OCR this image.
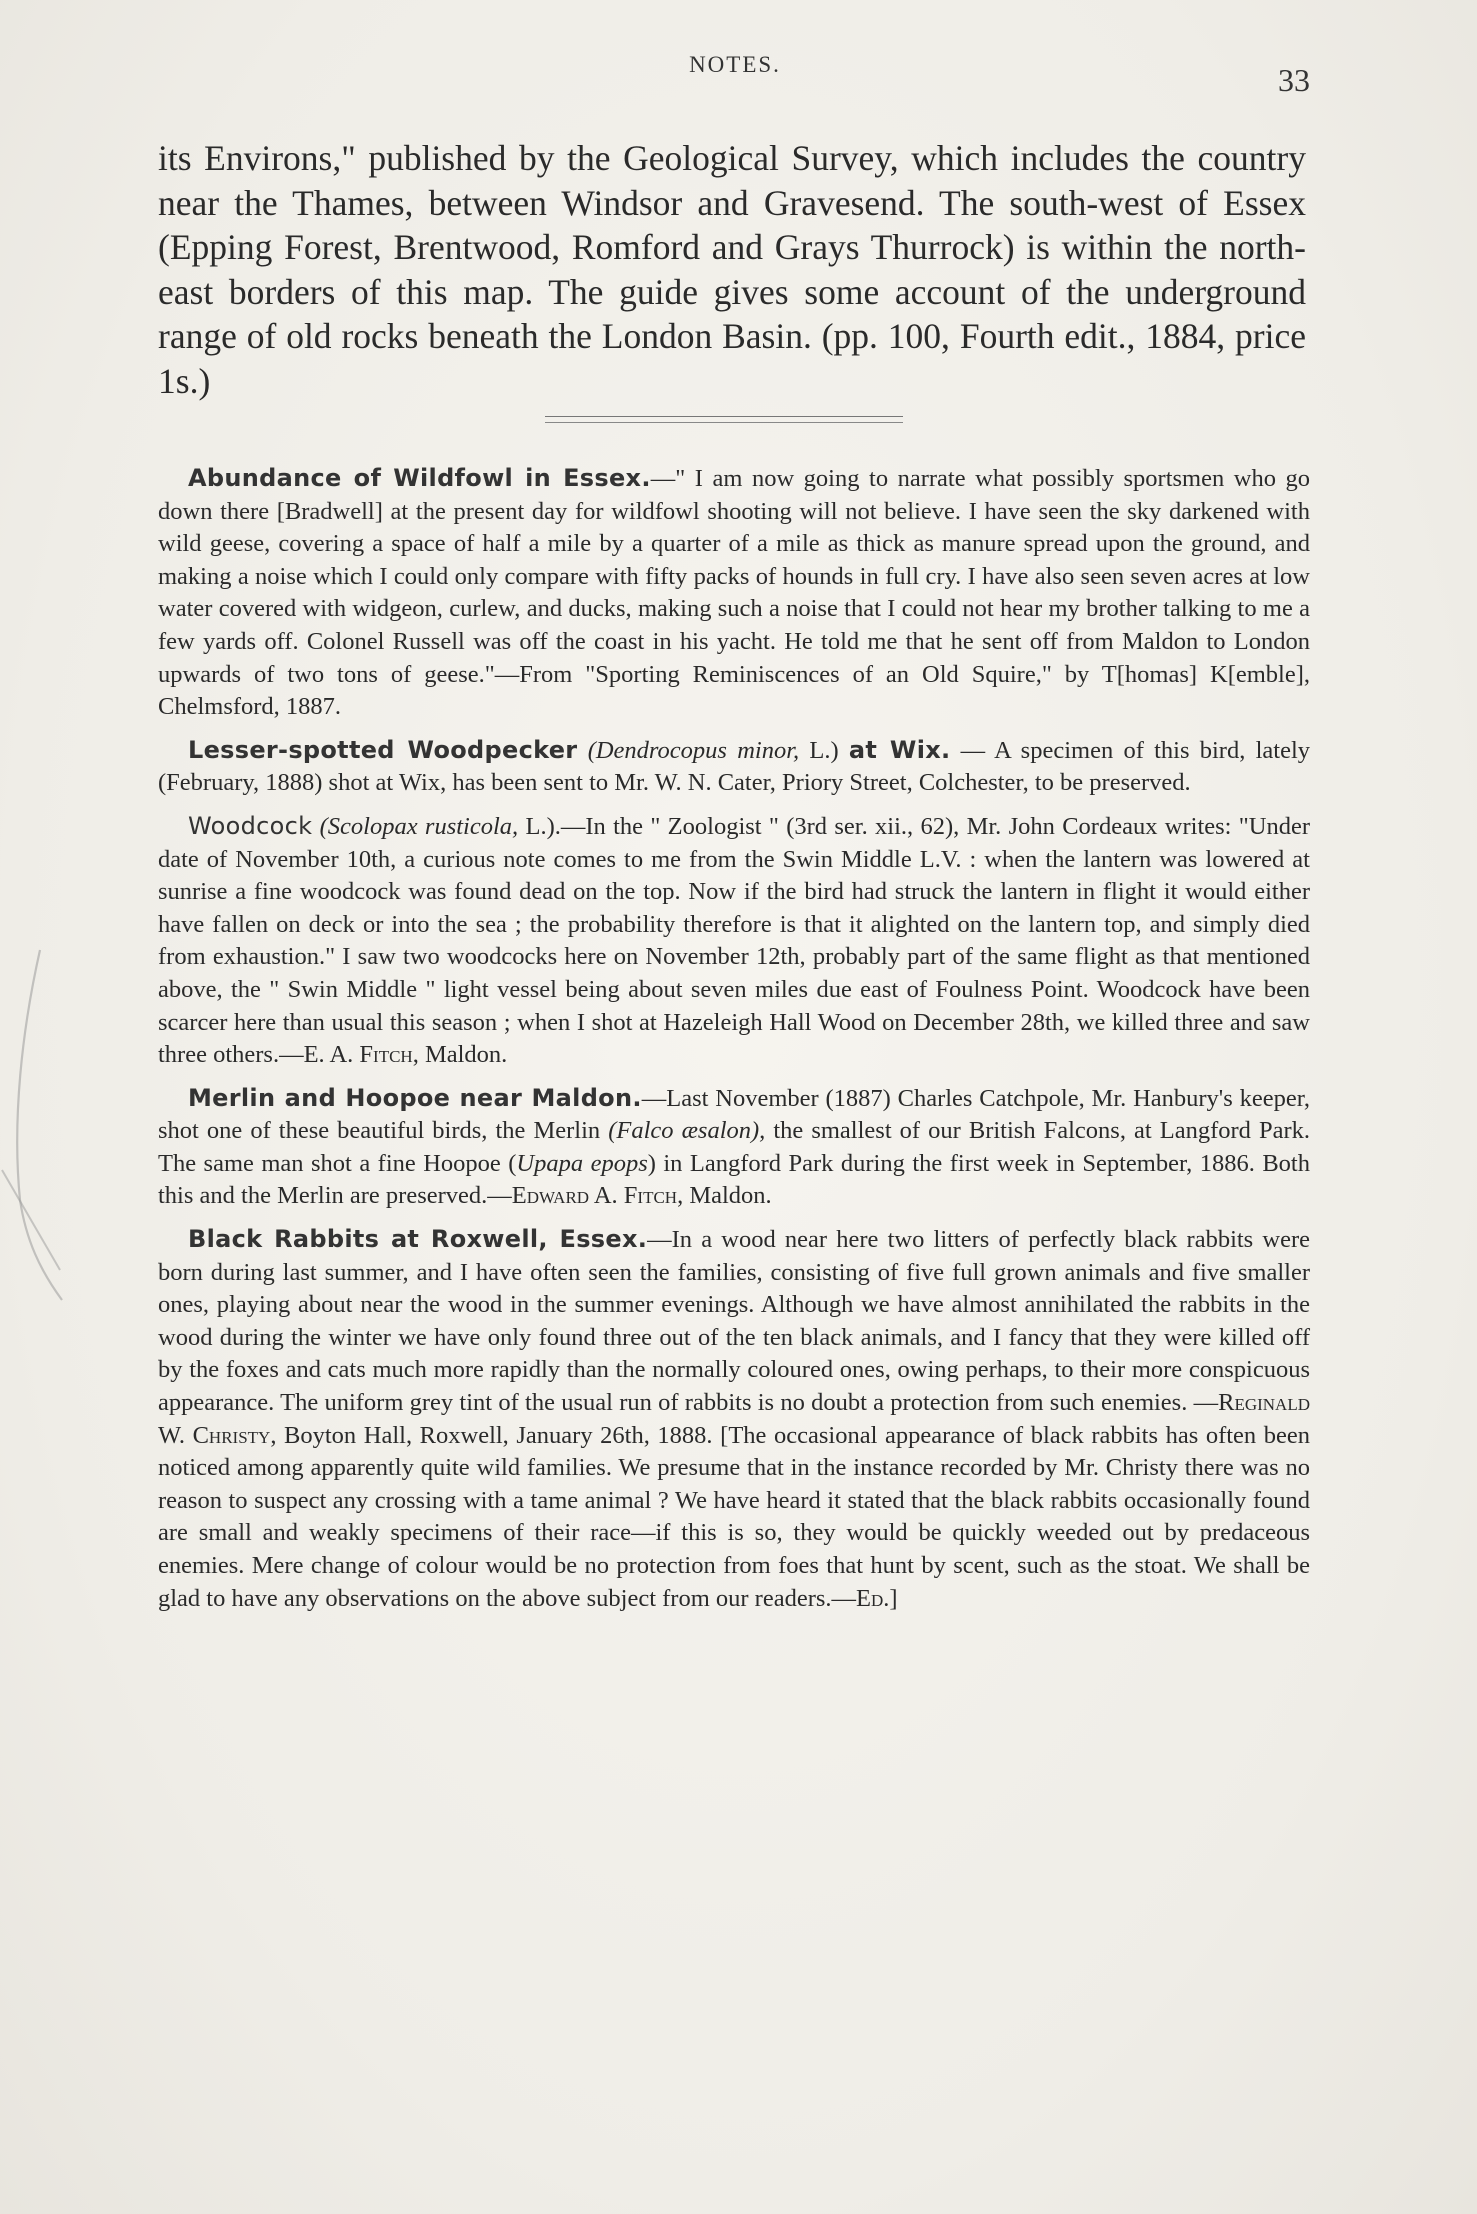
NOTES.	33
its Environs," published by the Geological Survey, which includes the country near the Thames, between Windsor and Gravesend. The south-west of Essex (Epping Forest, Brentwood, Romford and Grays Thurrock) is within the north-east borders of this map. The guide gives some account of the underground range of old rocks beneath the London Basin. (pp. 100, Fourth edit., 1884, price 1s.)

Abundance of Wildfowl in Essex.—" I am now going to narrate what possibly sportsmen who go down there [Bradwell] at the present day for wildfowl shooting will not believe. I have seen the sky darkened with wild geese, covering a space of half a mile by a quarter of a mile as thick as manure spread upon the ground, and making a noise which I could only compare with fifty packs of hounds in full cry. I have also seen seven acres at low water covered with widgeon, curlew, and ducks, making such a noise that I could not hear my brother talking to me a few yards off. Colonel Russell was off the coast in his yacht. He told me that he sent off from Maldon to London upwards of two tons of geese."—From "Sporting Reminiscences of an Old Squire," by T[homas] K[emble], Chelmsford, 1887.

Lesser-spotted Woodpecker (Dendrocopus minor, L.) at Wix. — A specimen of this bird, lately (February, 1888) shot at Wix, has been sent to Mr. W. N. Cater, Priory Street, Colchester, to be preserved.

Woodcock (Scolopax rusticola, L.).—In the " Zoologist " (3rd ser. xii., 62), Mr. John Cordeaux writes: "Under date of November 10th, a curious note comes to me from the Swin Middle L.V. : when the lantern was lowered at sunrise a fine woodcock was found dead on the top. Now if the bird had struck the lantern in flight it would either have fallen on deck or into the sea ; the probability therefore is that it alighted on the lantern top, and simply died from exhaustion." I saw two woodcocks here on November 12th, probably part of the same flight as that mentioned above, the " Swin Middle " light vessel being about seven miles due east of Foulness Point. Woodcock have been scarcer here than usual this season ; when I shot at Hazeleigh Hall Wood on December 28th, we killed three and saw three others.—E. A. Fitch, Maldon.

Merlin and Hoopoe near Maldon.—Last November (1887) Charles Catchpole, Mr. Hanbury's keeper, shot one of these beautiful birds, the Merlin (Falco æsalon), the smallest of our British Falcons, at Langford Park. The same man shot a fine Hoopoe (Upapa epops) in Langford Park during the first week in September, 1886. Both this and the Merlin are preserved.—Edward A. Fitch, Maldon.

Black Rabbits at Roxwell, Essex.—In a wood near here two litters of perfectly black rabbits were born during last summer, and I have often seen the families, consisting of five full grown animals and five smaller ones, playing about near the wood in the summer evenings. Although we have almost annihilated the rabbits in the wood during the winter we have only found three out of the ten black animals, and I fancy that they were killed off by the foxes and cats much more rapidly than the normally coloured ones, owing perhaps, to their more conspicuous appearance. The uniform grey tint of the usual run of rabbits is no doubt a protection from such enemies. —Reginald W. Christy, Boyton Hall, Roxwell, January 26th, 1888. [The occasional appearance of black rabbits has often been noticed among apparently quite wild families. We presume that in the instance recorded by Mr. Christy there was no reason to suspect any crossing with a tame animal ? We have heard it stated that the black rabbits occasionally found are small and weakly specimens of their race—if this is so, they would be quickly weeded out by predaceous enemies. Mere change of colour would be no protection from foes that hunt by scent, such as the stoat. We shall be glad to have any observations on the above subject from our readers.—Ed.]
